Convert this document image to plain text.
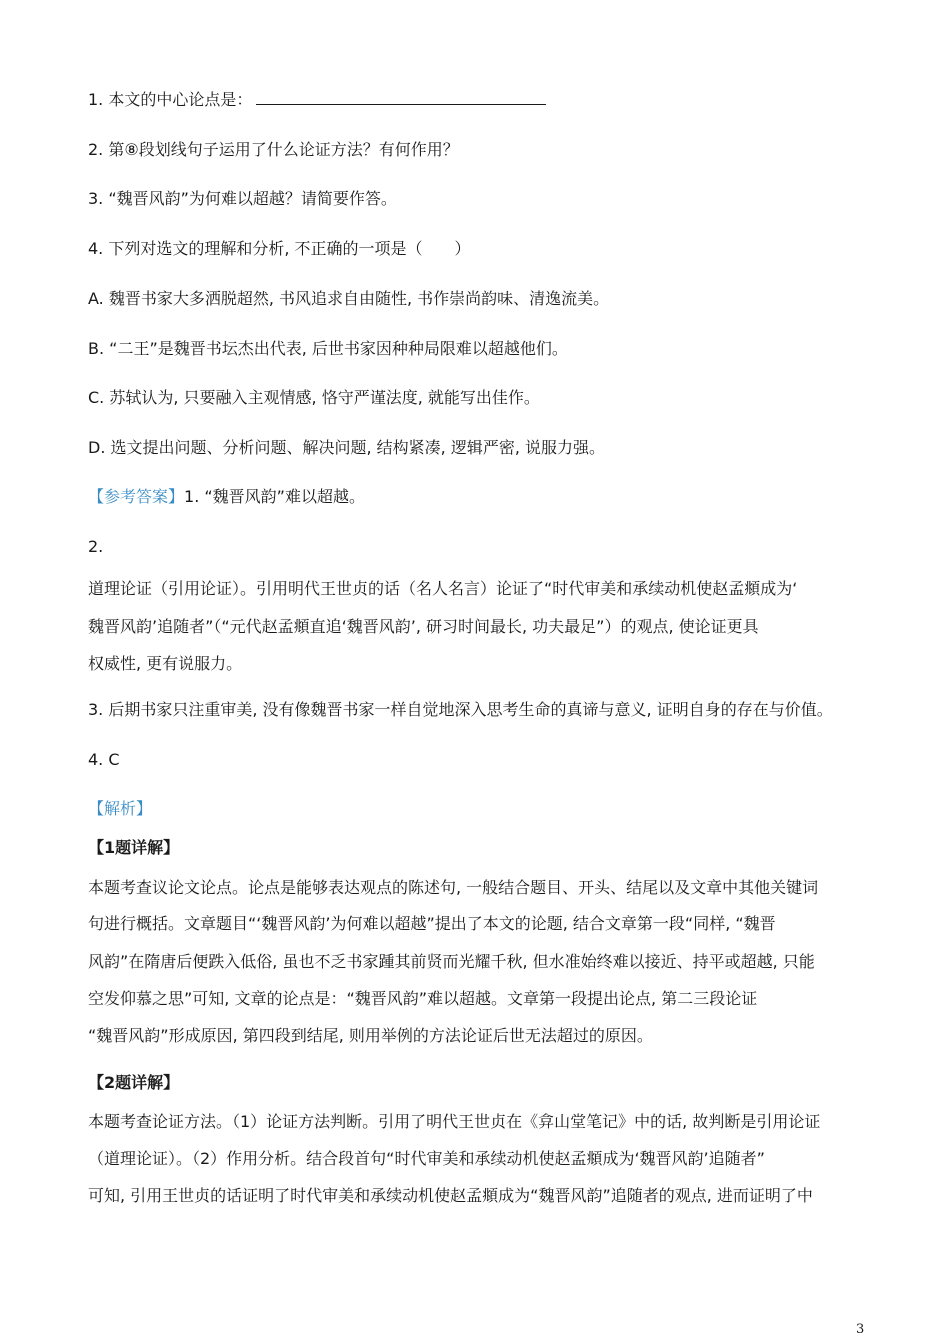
1. 本文的中心论点是：
2. 第⑧段划线句子运用了什么论证方法？有何作用？
3. “魏晋风韵”为何难以超越？请简要作答。
4. 下列对选文的理解和分析, 不正确的一项是（　　）
A. 魏晋书家大多洒脱超然, 书风追求自由随性, 书作崇尚韵味、清逸流美。
B. “二王”是魏晋书坛杰出代表, 后世书家因种种局限难以超越他们。
C. 苏轼认为, 只要融入主观情感, 恪守严谨法度, 就能写出佳作。
D. 选文提出问题、分析问题、解决问题, 结构紧凑, 逻辑严密, 说服力强。
【参考答案】1. “魏晋风韵”难以超越。
2.
道理论证（引用论证）。引用明代王世贞的话（名人名言）论证了“时代审美和承续动机使赵孟頫成为‘
魏晋风韵’追随者”（“元代赵孟頫直追‘魏晋风韵’, 研习时间最长, 功夫最足”）的观点, 使论证更具
权威性, 更有说服力。
3. 后期书家只注重审美, 没有像魏晋书家一样自觉地深入思考生命的真谛与意义, 证明自身的存在与价值。
4. C
【解析】
【1题详解】
本题考查议论文论点。论点是能够表达观点的陈述句, 一般结合题目、开头、结尾以及文章中其他关键词
句进行概括。文章题目“‘魏晋风韵’为何难以超越”提出了本文的论题, 结合文章第一段“同样, “魏晋
风韵”在隋唐后便跌入低俗, 虽也不乏书家踵其前贤而光耀千秋, 但水准始终难以接近、持平或超越, 只能
空发仰慕之思”可知, 文章的论点是：“魏晋风韵”难以超越。文章第一段提出论点, 第二三段论证
“魏晋风韵”形成原因, 第四段到结尾, 则用举例的方法论证后世无法超过的原因。
【2题详解】
本题考查论证方法。（1）论证方法判断。引用了明代王世贞在《弇山堂笔记》中的话, 故判断是引用论证
（道理论证）。（2）作用分析。结合段首句“时代审美和承续动机使赵孟頫成为‘魏晋风韵’追随者”
可知, 引用王世贞的话证明了时代审美和承续动机使赵孟頫成为“魏晋风韵”追随者的观点, 进而证明了中
3
